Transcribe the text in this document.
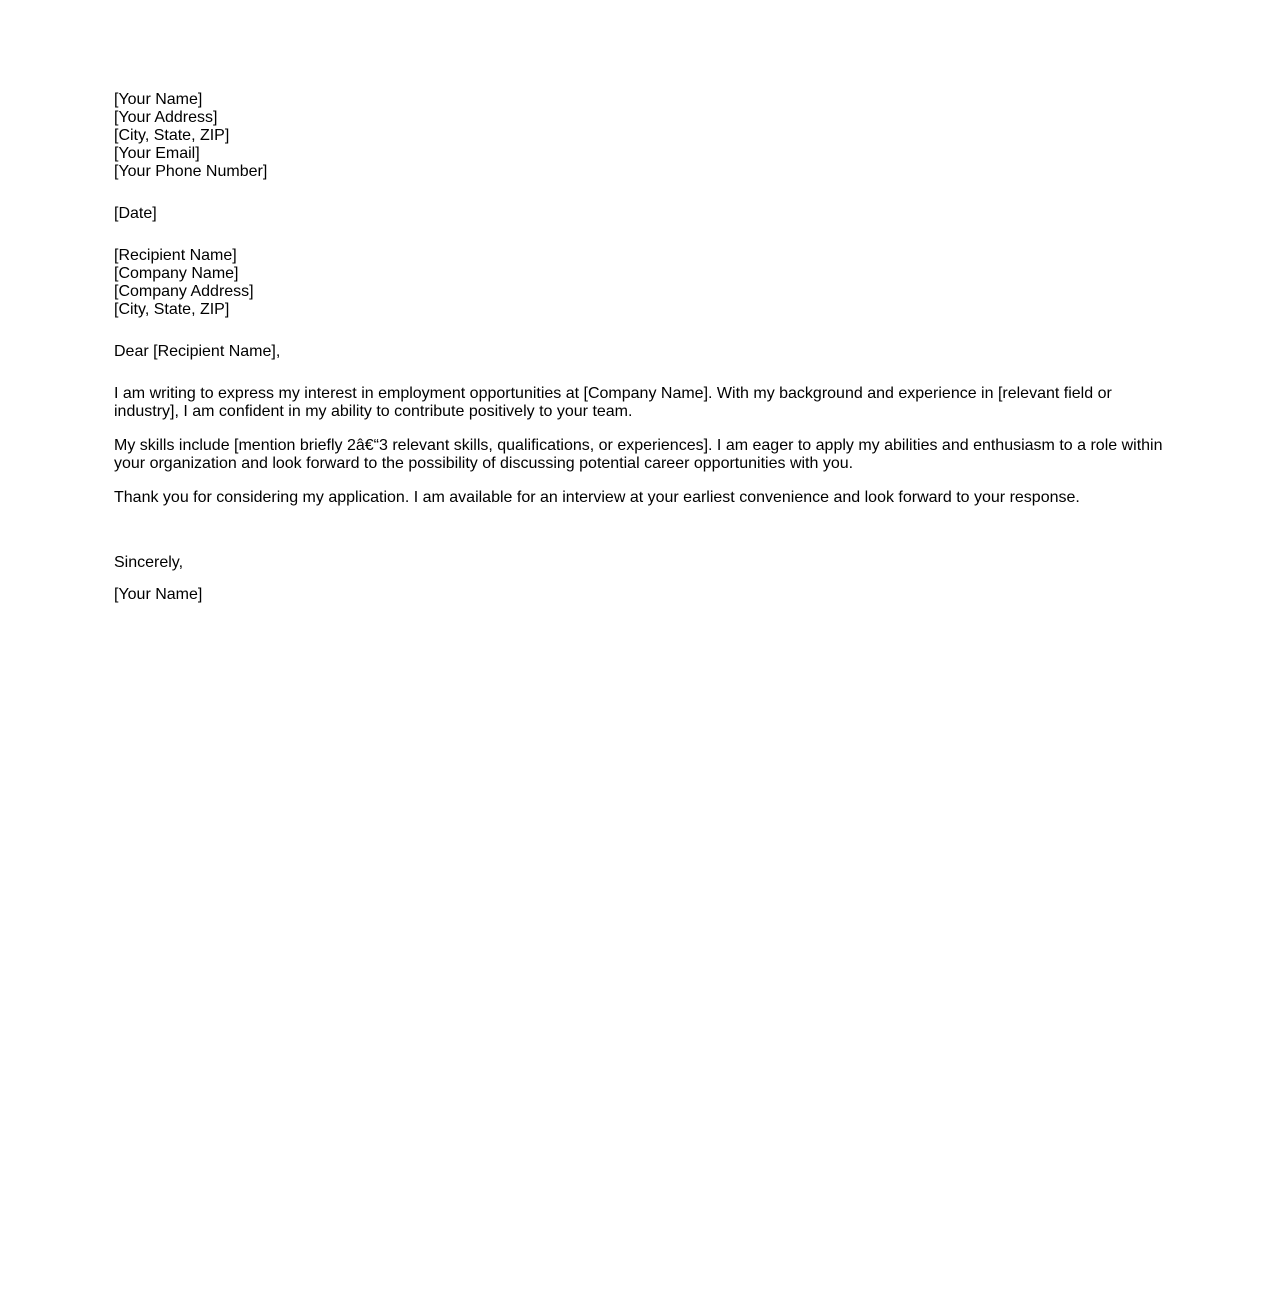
[Your Name]
[Your Address]
[City, State, ZIP]
[Your Email]
[Your Phone Number]
[Date]
[Recipient Name]
[Company Name]
[Company Address]
[City, State, ZIP]
Dear [Recipient Name],

I am writing to express my interest in employment opportunities at [Company Name]. With my background and experience in [relevant field or industry], I am confident in my ability to contribute positively to your team.

My skills include [mention briefly 2â€“3 relevant skills, qualifications, or experiences]. I am eager to apply my abilities and enthusiasm to a role within your organization and look forward to the possibility of discussing potential career opportunities with you.

Thank you for considering my application. I am available for an interview at your earliest convenience and look forward to your response.

Sincerely,
[Your Name]
